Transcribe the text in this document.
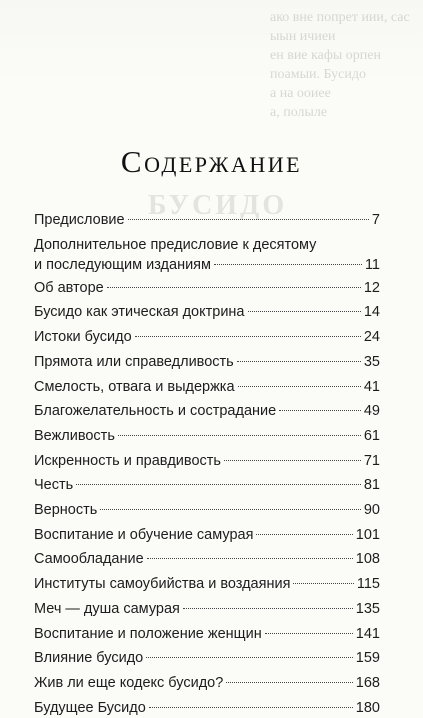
ако вне попрет иии, сас
ыын ичиеи
ен вие кафы орпен
поамыи. Бусидо
а на ооиее
а, полыле
БУСИДО
Содержание
Предисловие	7
Дополнительное предисловие к десятому
и последующим изданиям	11
Об авторе	12
Бусидо как этическая доктрина	14
Истоки бусидо	24
Прямота или справедливость	35
Смелость, отвага и выдержка	41
Благожелательность и сострадание	49
Вежливость	61
Искренность и правдивость	71
Честь	81
Верность	90
Воспитание и обучение самурая	101
Самообладание	108
Институты самоубийства и воздаяния	115
Меч — душа самурая	135
Воспитание и положение женщин	141
Влияние бусидо	159
Жив ли еще кодекс бусидо?	168
Будущее Бусидо	180
